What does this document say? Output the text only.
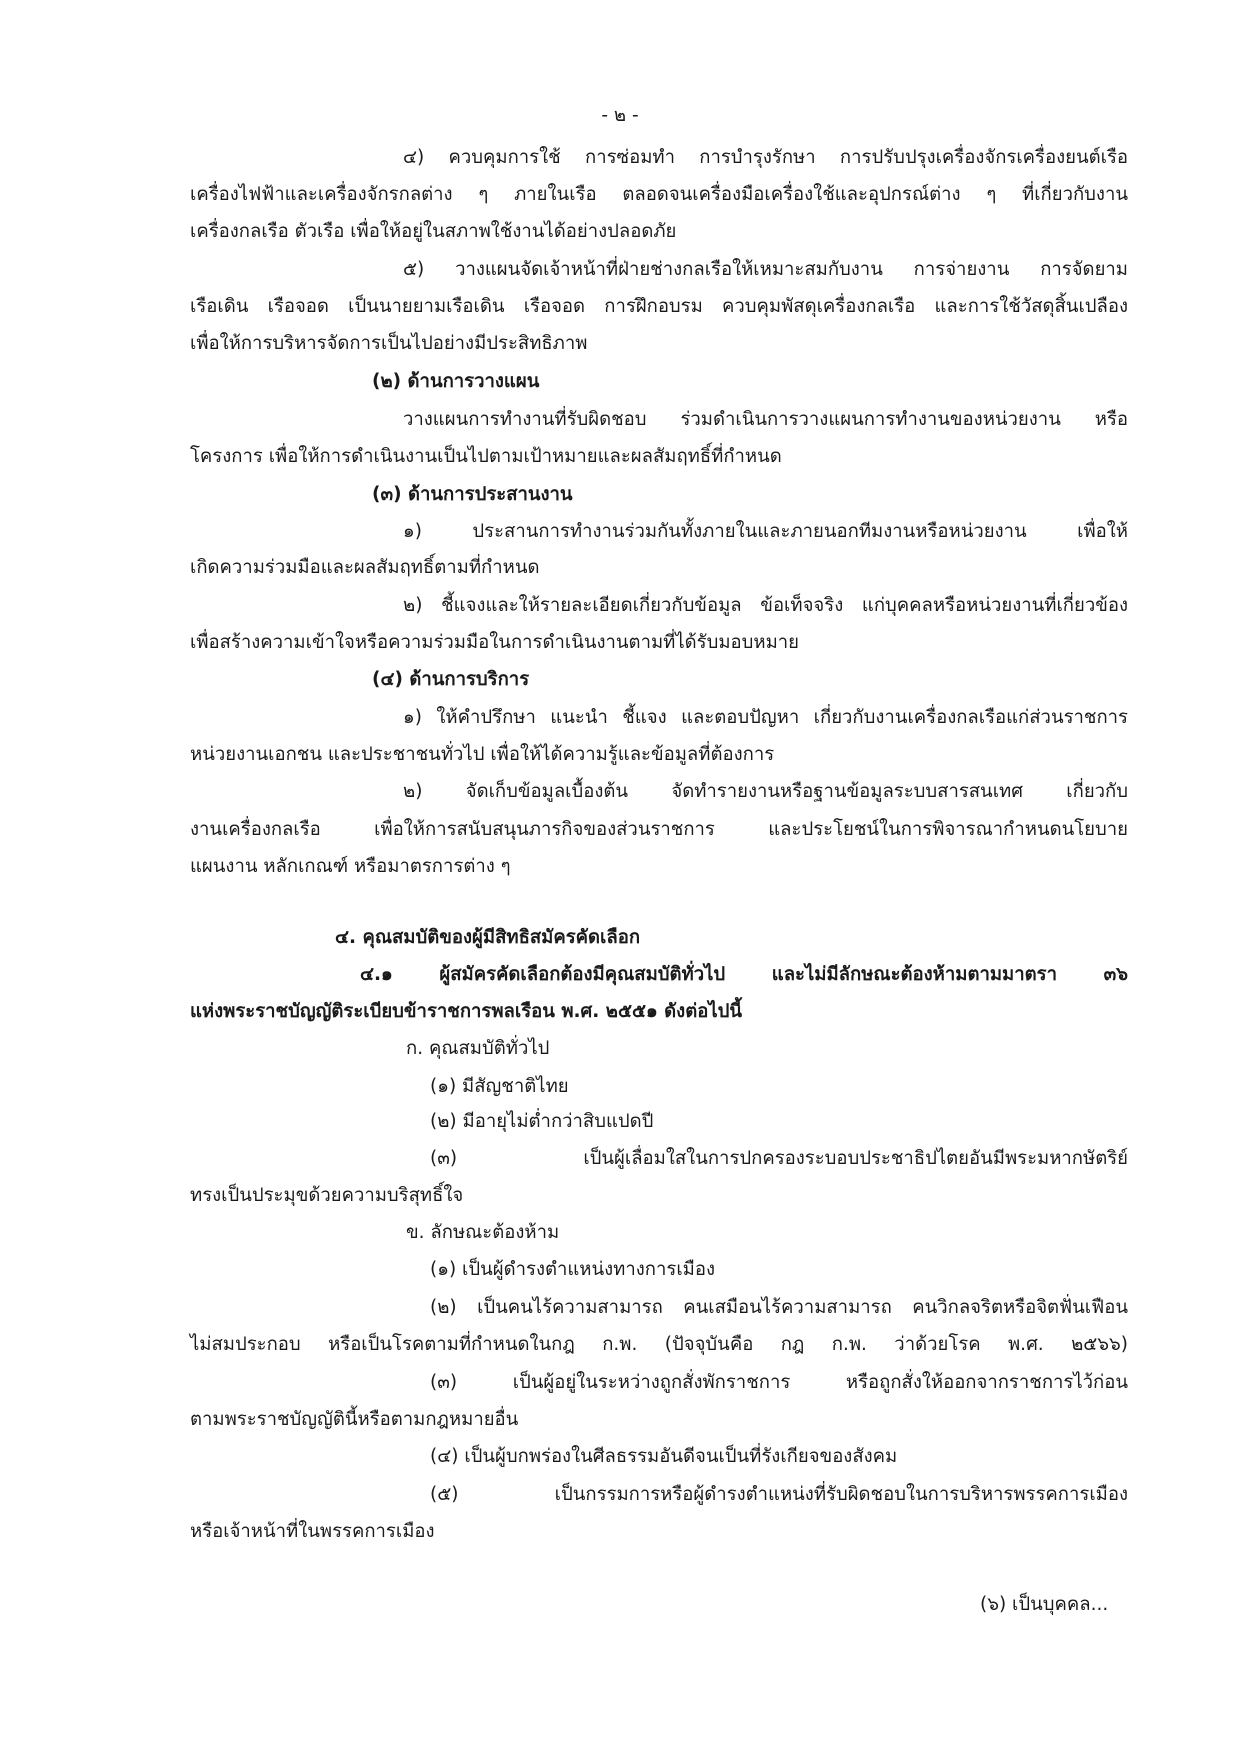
- ๒ -
๔) ควบคุมการใช้ การซ่อมทำ การบำรุงรักษา การปรับปรุงเครื่องจักรเครื่องยนต์เรือ
เครื่องไฟฟ้าและเครื่องจักรกลต่าง ๆ ภายในเรือ ตลอดจนเครื่องมือเครื่องใช้และอุปกรณ์ต่าง ๆ ที่เกี่ยวกับงาน
เครื่องกลเรือ ตัวเรือ เพื่อให้อยู่ในสภาพใช้งานได้อย่างปลอดภัย
๕) วางแผนจัดเจ้าหน้าที่ฝ่ายช่างกลเรือให้เหมาะสมกับงาน การจ่ายงาน การจัดยาม
เรือเดิน เรือจอด เป็นนายยามเรือเดิน เรือจอด การฝึกอบรม ควบคุมพัสดุเครื่องกลเรือ และการใช้วัสดุสิ้นเปลือง
เพื่อให้การบริหารจัดการเป็นไปอย่างมีประสิทธิภาพ
(๒) ด้านการวางแผน
วางแผนการทำงานที่รับผิดชอบ ร่วมดำเนินการวางแผนการทำงานของหน่วยงาน หรือ
โครงการ เพื่อให้การดำเนินงานเป็นไปตามเป้าหมายและผลสัมฤทธิ์ที่กำหนด
(๓) ด้านการประสานงาน
๑) ประสานการทำงานร่วมกันทั้งภายในและภายนอกทีมงานหรือหน่วยงาน เพื่อให้
เกิดความร่วมมือและผลสัมฤทธิ์ตามที่กำหนด
๒) ชี้แจงและให้รายละเอียดเกี่ยวกับข้อมูล ข้อเท็จจริง แก่บุคคลหรือหน่วยงานที่เกี่ยวข้อง
เพื่อสร้างความเข้าใจหรือความร่วมมือในการดำเนินงานตามที่ได้รับมอบหมาย
(๔) ด้านการบริการ
๑) ให้คำปรึกษา แนะนำ ชี้แจง และตอบปัญหา เกี่ยวกับงานเครื่องกลเรือแก่ส่วนราชการ
หน่วยงานเอกชน และประชาชนทั่วไป เพื่อให้ได้ความรู้และข้อมูลที่ต้องการ
๒) จัดเก็บข้อมูลเบื้องต้น จัดทำรายงานหรือฐานข้อมูลระบบสารสนเทศ เกี่ยวกับ
งานเครื่องกลเรือ เพื่อให้การสนับสนุนภารกิจของส่วนราชการ และประโยชน์ในการพิจารณากำหนดนโยบาย
แผนงาน หลักเกณฑ์ หรือมาตรการต่าง ๆ
๔. คุณสมบัติของผู้มีสิทธิสมัครคัดเลือก
๔.๑ ผู้สมัครคัดเลือกต้องมีคุณสมบัติทั่วไป และไม่มีลักษณะต้องห้ามตามมาตรา ๓๖
แห่งพระราชบัญญัติระเบียบข้าราชการพลเรือน พ.ศ. ๒๕๕๑ ดังต่อไปนี้
ก. คุณสมบัติทั่วไป
(๑) มีสัญชาติไทย
(๒) มีอายุไม่ต่ำกว่าสิบแปดปี
(๓) เป็นผู้เลื่อมใสในการปกครองระบอบประชาธิปไตยอันมีพระมหากษัตริย์
ทรงเป็นประมุขด้วยความบริสุทธิ์ใจ
ข. ลักษณะต้องห้าม
(๑) เป็นผู้ดำรงตำแหน่งทางการเมือง
(๒) เป็นคนไร้ความสามารถ คนเสมือนไร้ความสามารถ คนวิกลจริตหรือจิตฟั่นเฟือน
ไม่สมประกอบ หรือเป็นโรคตามที่กำหนดในกฎ ก.พ. (ปัจจุบันคือ กฎ ก.พ. ว่าด้วยโรค พ.ศ. ๒๕๖๖)
(๓) เป็นผู้อยู่ในระหว่างถูกสั่งพักราชการ หรือถูกสั่งให้ออกจากราชการไว้ก่อน
ตามพระราชบัญญัตินี้หรือตามกฎหมายอื่น
(๔) เป็นผู้บกพร่องในศีลธรรมอันดีจนเป็นที่รังเกียจของสังคม
(๕) เป็นกรรมการหรือผู้ดำรงตำแหน่งที่รับผิดชอบในการบริหารพรรคการเมือง
หรือเจ้าหน้าที่ในพรรคการเมือง
(๖) เป็นบุคคล...
